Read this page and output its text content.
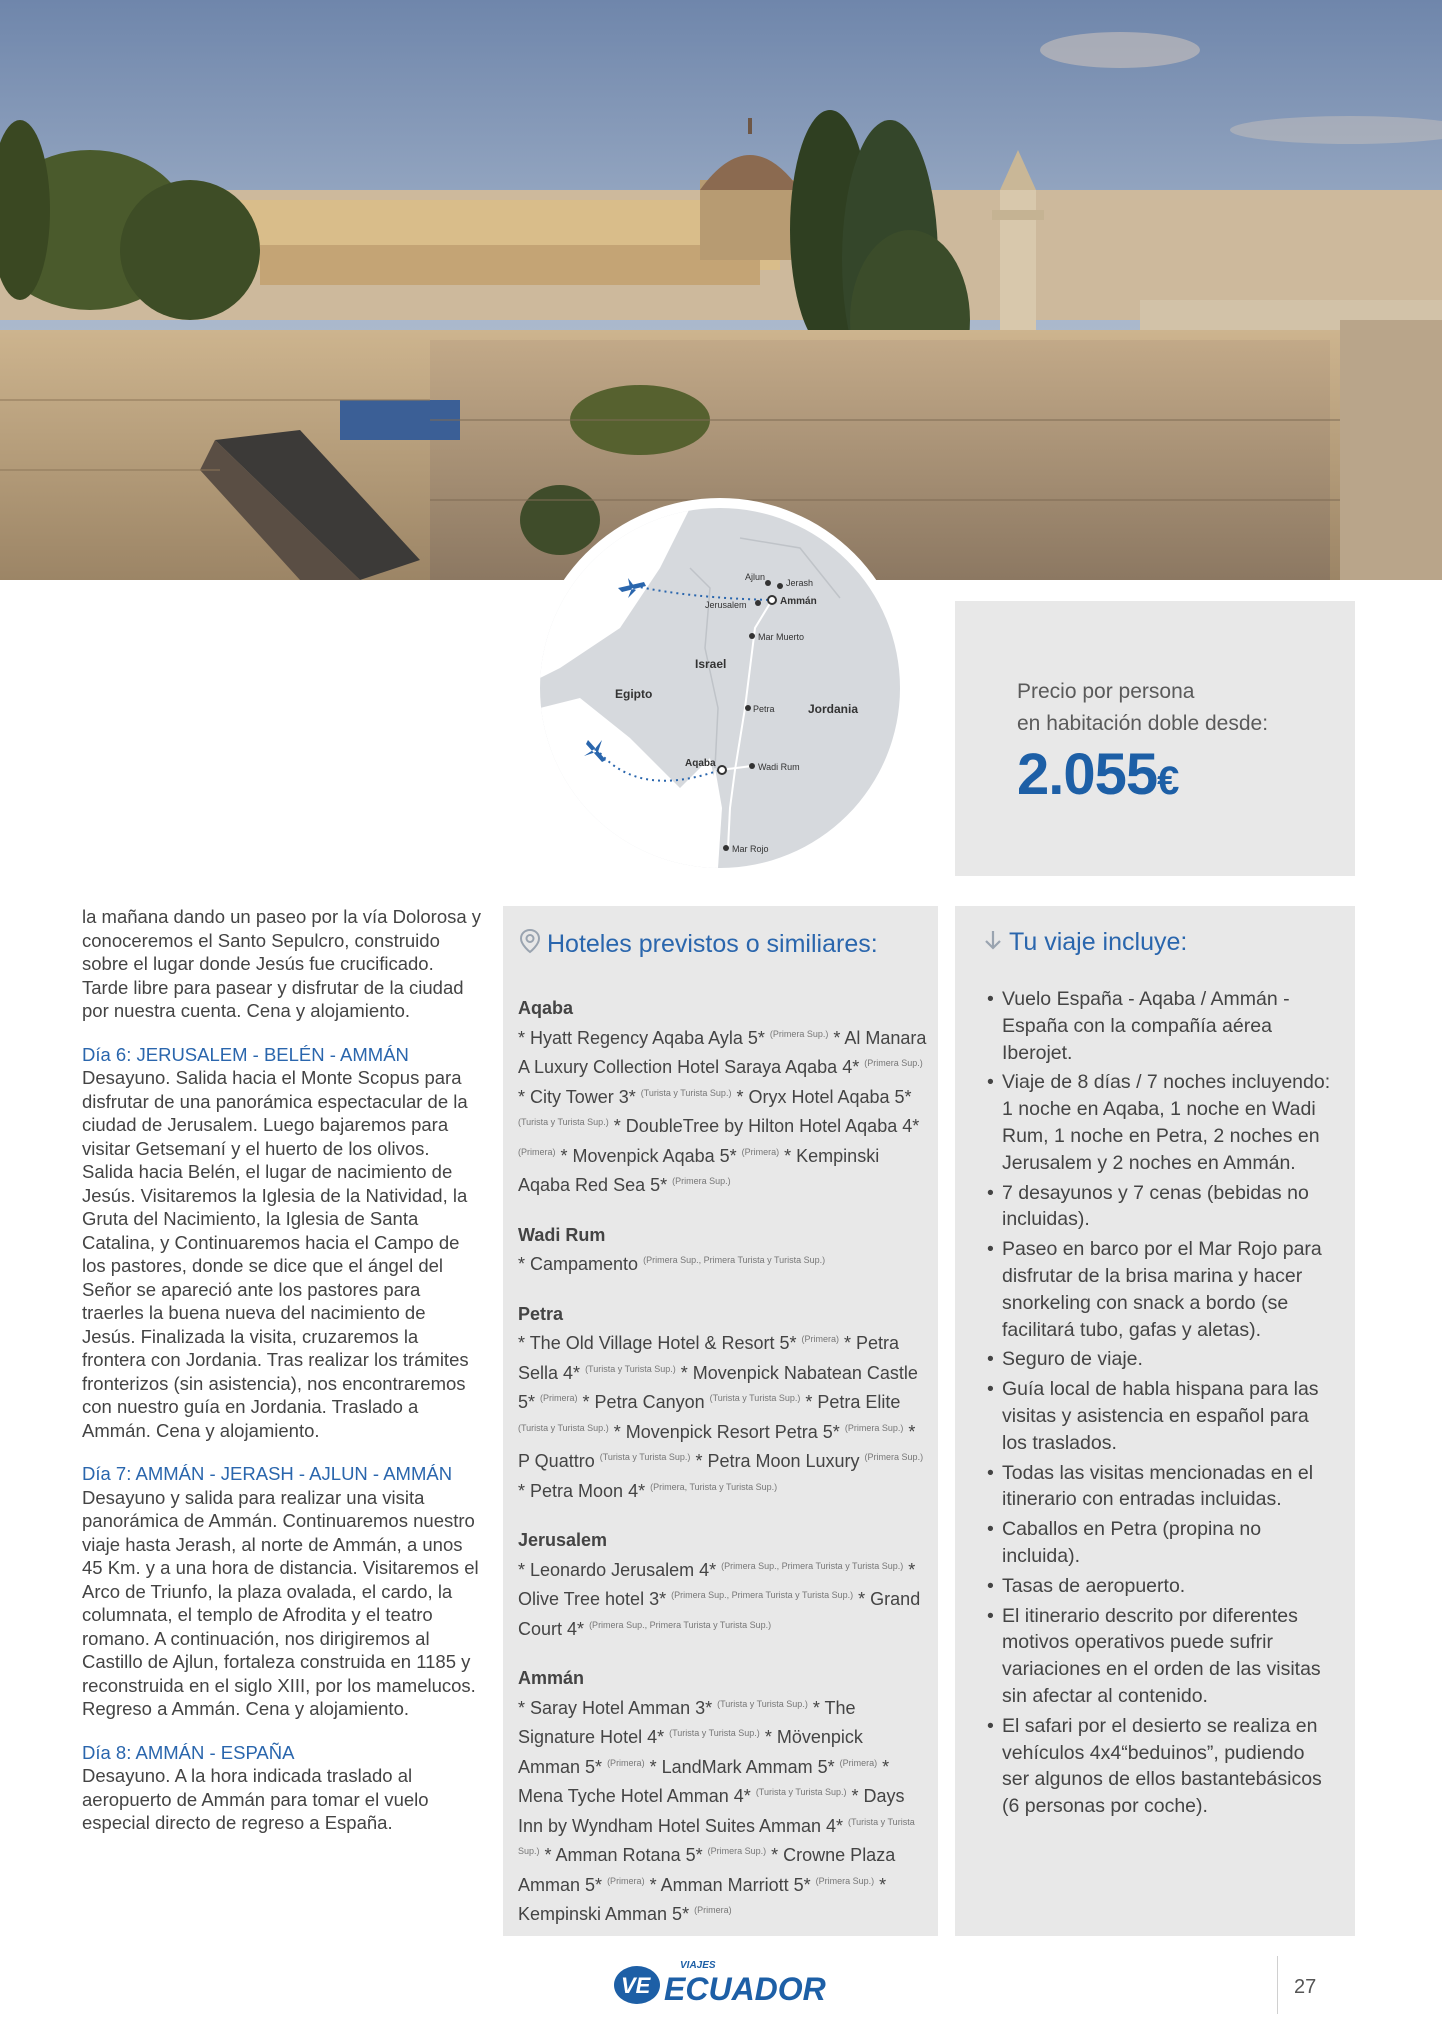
Ajlun
Jerash
Ammán
Jerusalem
Mar Muerto
Israel
Egipto
Jordania
Petra
Aqaba	Wadi Rum
Mar Rojo
Precio por persona
en habitación doble desde:
2.055€

la mañana dando un paseo por la vía Dolorosa y conoceremos el Santo Sepulcro, construido sobre el lugar donde Jesús fue crucificado. Tarde libre para pasear y disfrutar de la ciudad por nuestra cuenta. Cena y alojamiento.

Día 6: JERUSALEM - BELÉN - AMMÁN
Desayuno. Salida hacia el Monte Scopus para disfrutar de una panorámica espectacular de la ciudad de Jerusalem. Luego bajaremos para visitar Getsemaní y el huerto de los olivos. Salida hacia Belén, el lugar de nacimiento de Jesús. Visitaremos la Iglesia de la Natividad, la Gruta del Nacimiento, la Iglesia de Santa Catalina, y Continuaremos hacia el Campo de los pastores, donde se dice que el ángel del Señor se apareció ante los pastores para traerles la buena nueva del nacimiento de Jesús. Finalizada la visita, cruzaremos la frontera con Jordania. Tras realizar los trámites fronterizos (sin asistencia), nos encontraremos con nuestro guía en Jordania. Traslado a Ammán. Cena y alojamiento.

Día 7: AMMÁN - JERASH - AJLUN - AMMÁN
Desayuno y salida para realizar una visita panorámica de Ammán. Continuaremos nuestro viaje hasta Jerash, al norte de Ammán, a unos 45 Km. y a una hora de distancia. Visitaremos el Arco de Triunfo, la plaza ovalada, el cardo, la columnata, el templo de Afrodita y el teatro romano. A continuación, nos dirigiremos al Castillo de Ajlun, fortaleza construida en 1185 y reconstruida en el siglo XIII, por los mamelucos. Regreso a Ammán. Cena y alojamiento.

Día 8: AMMÁN - ESPAÑA
Desayuno. A la hora indicada traslado al aeropuerto de Ammán para tomar el vuelo especial directo de regreso a España.

Hoteles previstos o similiares:
Aqaba
* Hyatt Regency Aqaba Ayla 5* $^{(Primera Sup.)}$ * Al Manara A Luxury Collection Hotel Saraya Aqaba 4* $^{(Primera Sup.)}$ * City Tower 3* $^{(Turista y Turista Sup.)}$ * Oryx Hotel Aqaba 5* $^{(Turista y Turista Sup.)}$ * DoubleTree by Hilton Hotel Aqaba 4* $^{(Primera)}$ * Movenpick Aqaba 5* $^{(Primera)}$ * Kempinski Aqaba Red Sea 5* $^{(Primera Sup.)}$
Wadi Rum
* Campamento $^{(Primera Sup., Primera Turista y Turista Sup.)}$
Petra
* The Old Village Hotel & Resort 5* $^{(Primera)}$ * Petra Sella 4* $^{(Turista y Turista Sup.)}$ * Movenpick Nabatean Castle 5* $^{(Primera)}$ * Petra Canyon $^{(Turista y Turista Sup.)}$ * Petra Elite $^{(Turista y Turista Sup.)}$ * Movenpick Resort Petra 5* $^{(Primera Sup.)}$ * P Quattro $^{(Turista y Turista Sup.)}$ * Petra Moon Luxury $^{(Primera Sup.)}$ * Petra Moon 4* $^{(Primera, Turista y Turista Sup.)}$
Jerusalem
* Leonardo Jerusalem 4* $^{(Primera Sup., Primera Turista y Turista Sup.)}$ * Olive Tree hotel 3* $^{(Primera Sup., Primera Turista y Turista Sup.)}$ * Grand Court 4* $^{(Primera Sup., Primera Turista y Turista Sup.)}$
Ammán
* Saray Hotel Amman 3* $^{(Turista y Turista Sup.)}$ * The Signature Hotel 4* $^{(Turista y Turista Sup.)}$ * Mövenpick Amman 5* $^{(Primera)}$ * LandMark Ammam 5* $^{(Primera)}$ * Mena Tyche Hotel Amman 4* $^{(Turista y Turista Sup.)}$ * Days Inn by Wyndham Hotel Suites Amman 4* $^{(Turista y Turista Sup.)}$ * Amman Rotana 5* $^{(Primera Sup.)}$ * Crowne Plaza Amman 5* $^{(Primera)}$ * Amman Marriott 5* $^{(Primera Sup.)}$ * Kempinski Amman 5* $^{(Primera)}$
Tu viaje incluye:
• Vuelo España - Aqaba / Ammán - España con la compañía aérea Iberojet.
• Viaje de 8 días / 7 noches incluyendo: 1 noche en Aqaba, 1 noche en Wadi Rum, 1 noche en Petra, 2 noches en Jerusalem y 2 noches en Ammán.
• 7 desayunos y 7 cenas (bebidas no incluidas).
• Paseo en barco por el Mar Rojo para disfrutar de la brisa marina y hacer snorkeling con snack a bordo (se facilitará tubo, gafas y aletas).
• Seguro de viaje.
• Guía local de habla hispana para las visitas y asistencia en español para los traslados.
• Todas las visitas mencionadas en el itinerario con entradas incluidas.
• Caballos en Petra (propina no incluida).
• Tasas de aeropuerto.
• El itinerario descrito por diferentes motivos operativos puede sufrir variaciones en el orden de las visitas sin afectar al contenido.
• El safari por el desierto se realiza en vehículos 4x4“beduinos”, pudiendo ser algunos de ellos bastantebásicos (6 personas por coche).
VE
VIAJES
ECUADOR	27
